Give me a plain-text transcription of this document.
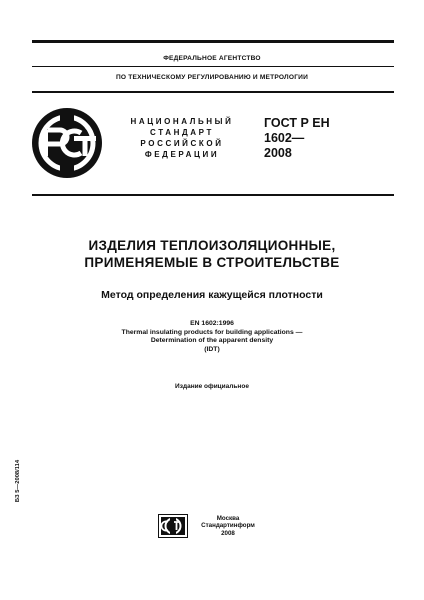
ФЕДЕРАЛЬНОЕ АГЕНТСТВО
ПО ТЕХНИЧЕСКОМУ РЕГУЛИРОВАНИЮ И МЕТРОЛОГИИ
НАЦИОНАЛЬНЫЙ
СТАНДАРТ
РОССИЙСКОЙ
ФЕДЕРАЦИИ
ГОСТ Р ЕН
1602—
2008
ИЗДЕЛИЯ ТЕПЛОИЗОЛЯЦИОННЫЕ,
ПРИМЕНЯЕМЫЕ В СТРОИТЕЛЬСТВЕ
Метод определения кажущейся плотности
EN 1602:1996
Thermal insulating products for building applications —
Determination of the apparent density
(IDT)
Издание официальное
БЗ 5—2008/114
Москва
Стандартинформ
2008
